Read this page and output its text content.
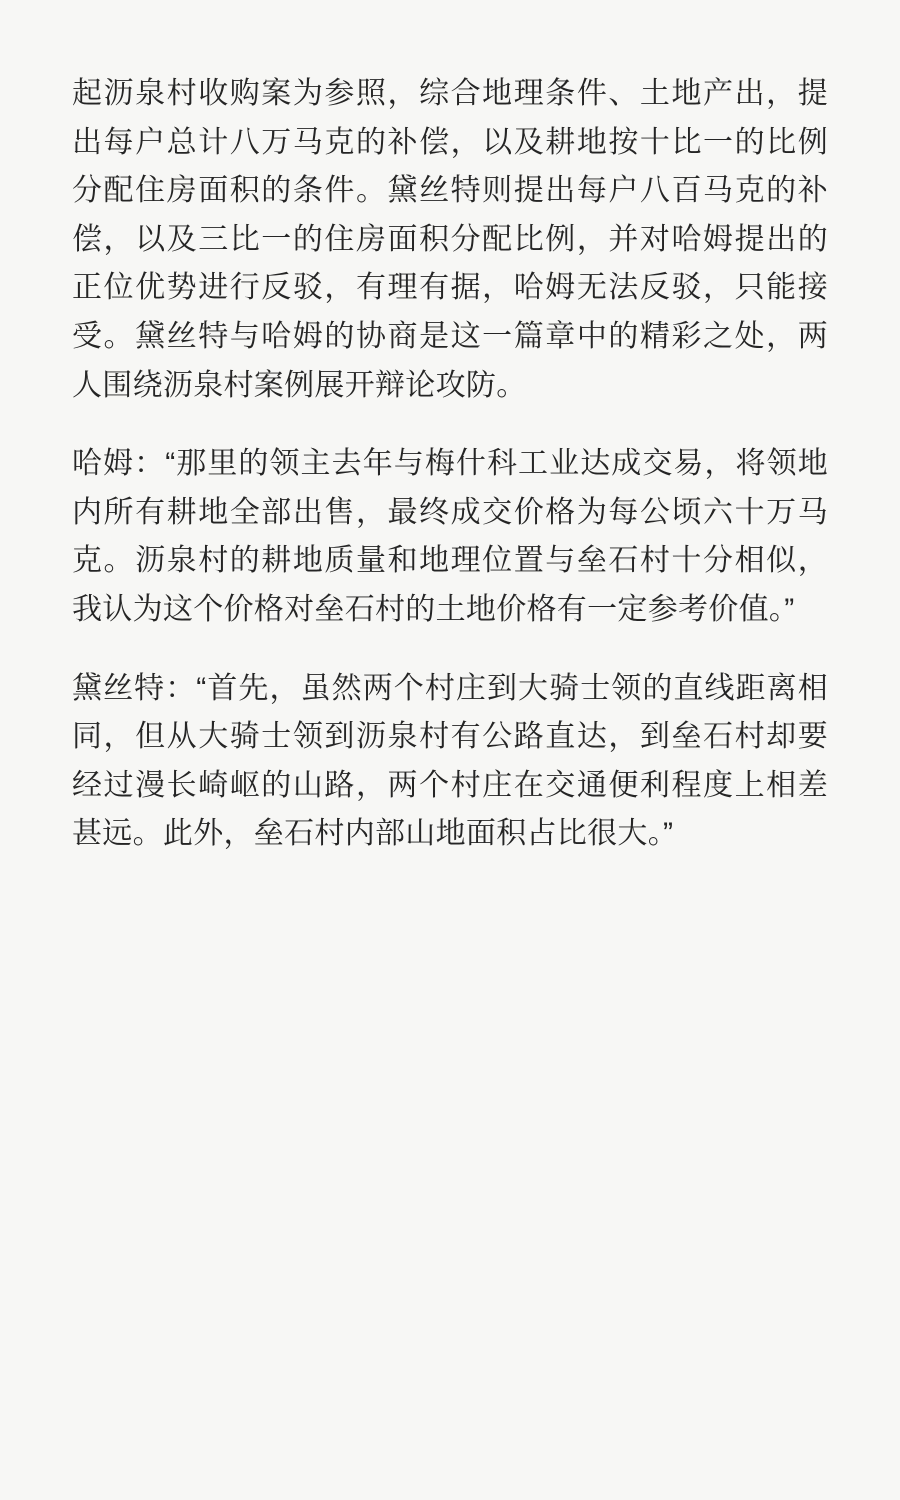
起沥泉村收购案为参照，综合地理条件、土地产出，提出每户总计八万马克的补偿，以及耕地按十比一的比例分配住房面积的条件。黛丝特则提出每户八百马克的补偿，以及三比一的住房面积分配比例，并对哈姆提出的正位优势进行反驳，有理有据，哈姆无法反驳，只能接受。黛丝特与哈姆的协商是这一篇章中的精彩之处，两人围绕沥泉村案例展开辩论攻防。

哈姆：“那里的领主去年与梅什科工业达成交易，将领地内所有耕地全部出售，最终成交价格为每公顷六十万马克。沥泉村的耕地质量和地理位置与垒石村十分相似，我认为这个价格对垒石村的土地价格有一定参考价值。”

黛丝特：“首先，虽然两个村庄到大骑士领的直线距离相同，但从大骑士领到沥泉村有公路直达，到垒石村却要经过漫长崎岖的山路，两个村庄在交通便利程度上相差甚远。此外，垒石村内部山地面积占比很大。”
